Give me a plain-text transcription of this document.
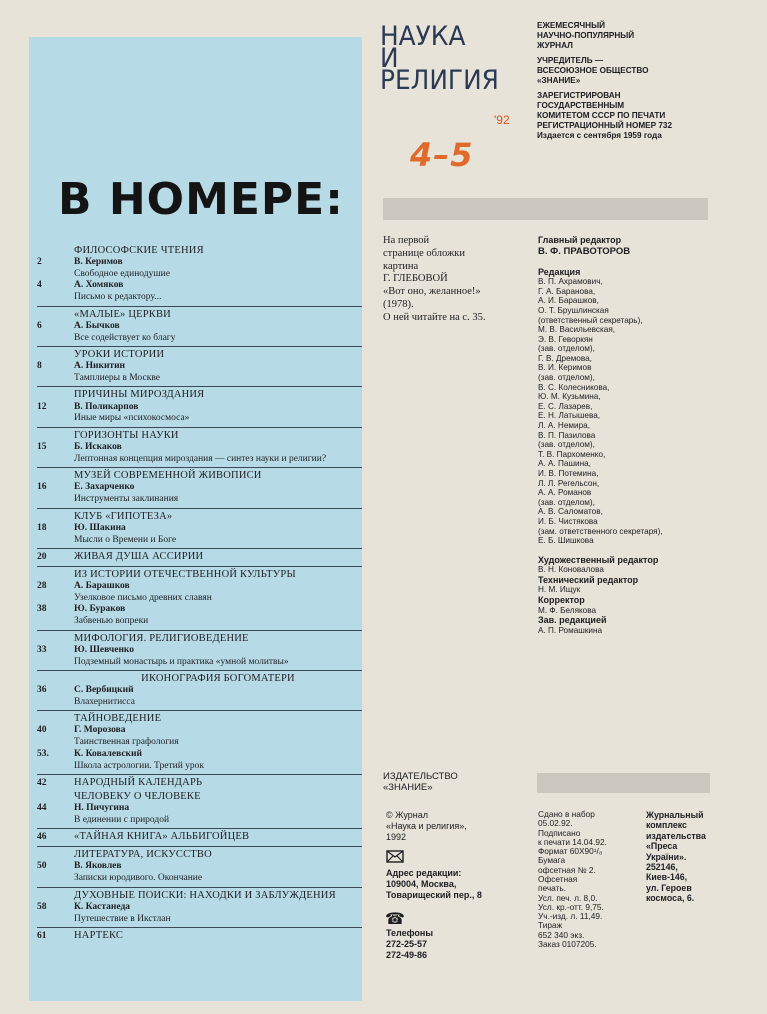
В НОМЕРЕ:
ФИЛОСОФСКИЕ ЧТЕНИЯ
2	В. Керимов
Свободное единодушие
4	А. Хомяков
Письмо к редактору...
«МАЛЫЕ» ЦЕРКВИ
6	А. Бычков
Все содействует ко благу
УРОКИ ИСТОРИИ
8	А. Никитин
Тамплиеры в Москве
ПРИЧИНЫ МИРОЗДАНИЯ
12	В. Поликарпов
Иные миры «психокосмоса»
ГОРИЗОНТЫ НАУКИ
15	Б. Искаков
Лептонная концепция мироздания — синтез науки и религии?
МУЗЕЙ СОВРЕМЕННОЙ ЖИВОПИСИ
16	Е. Захарченко
Инструменты заклинания
КЛУБ «ГИПОТЕЗА»
18	Ю. Шакина
Мысли о Времени и Боге
20	ЖИВАЯ ДУША АССИРИИ
ИЗ ИСТОРИИ ОТЕЧЕСТВЕННОЙ КУЛЬТУРЫ
28	А. Барашков
Узелковое письмо древних славян
38	Ю. Бураков
Забвенью вопреки
МИФОЛОГИЯ. РЕЛИГИОВЕДЕНИЕ
33	Ю. Шевченко
Подземный монастырь и практика «умной молитвы»
ИКОНОГРАФИЯ БОГОМАТЕРИ
36	С. Вербицкий
Влахернитисса
ТАЙНОВЕДЕНИЕ
40	Г. Морозова
Таинственная графология
53.	К. Ковалевский
Школа астрологии. Третий урок
42	НАРОДНЫЙ КАЛЕНДАРЬ
ЧЕЛОВЕКУ О ЧЕЛОВЕКЕ
44	Н. Пичугина
В единении с природой
46	«ТАЙНАЯ КНИГА» АЛЬБИГОЙЦЕВ
ЛИТЕРАТУРА, ИСКУССТВО
50	В. Яковлев
Записки юродивого. Окончание
ДУХОВНЫЕ ПОИСКИ: НАХОДКИ И ЗАБЛУЖДЕНИЯ
58	К. Кастанеда
Путешествие в Икстлан
61	НАРТЕКС
НАУКА
И
РЕЛИГИЯ
'92
4–5
ЕЖЕМЕСЯЧНЫЙ
НАУЧНО-ПОПУЛЯРНЫЙ
ЖУРНАЛ
УЧРЕДИТЕЛЬ —
ВСЕСОЮЗНОЕ ОБЩЕСТВО
«ЗНАНИЕ»
ЗАРЕГИСТРИРОВАН
ГОСУДАРСТВЕННЫМ
КОМИТЕТОМ СССР ПО ПЕЧАТИ
РЕГИСТРАЦИОННЫЙ НОМЕР 732
Издается с сентября 1959 года
На первой
странице обложки
картина
Г. ГЛЕБОВОЙ
«Вот оно, желанное!»
(1978).
О ней читайте на с. 35.
Главный редактор
В. Ф. ПРАВОТОРОВ
Редакция
В. П. Ахрамович,
Г. А. Баранова,
А. И. Барашков,
О. Т. Брушлинская
(ответственный секретарь),
М. В. Васильевская,
Э. В. Геворкян
(зав. отделом),
Г. В. Дремова,
В. И. Керимов
(зав. отделом),
В. С. Колесникова,
Ю. М. Кузьмина,
Е. С. Лазарев,
Е. Н. Латышева,
Л. А. Немира,
В. П. Пазилова
(зав. отделом),
Т. В. Пархоменко,
А. А. Пашина,
И. В. Потемина,
Л. Л. Регельсон,
А. А. Романов
(зав. отделом),
А. В. Саломатов,
И. Б. Чистякова
(зам. ответственного секретаря),
Е. Б. Шишкова
Художественный редактор
В. Н. Коновалова
Технический редактор
Н. М. Ищук
Корректор
М. Ф. Белякова
Зав. редакцией
А. П. Ромашкина
ИЗДАТЕЛЬСТВО
«ЗНАНИЕ»
© Журнал
«Наука и религия»,
1992
Адрес редакции:
109004, Москва,
Товарищеский пер., 8
☎
Телефоны
272-25-57
272-49-86
Сдано в набор
05.02.92.
Подписано
к печати 14.04.92.
Формат 60Х90¹/₈
Бумага
офсетная № 2.
Офсетная
печать.
Усл. печ. л. 8,0.
Усл. кр.-отт. 9,75.
Уч.-изд. л. 11,49.
Тираж
652 340 экз.
Заказ 0107205.
Журнальный
комплекс
издательства
«Преса
України».
252146,
Киев-146,
ул. Героев
космоса, 6.
